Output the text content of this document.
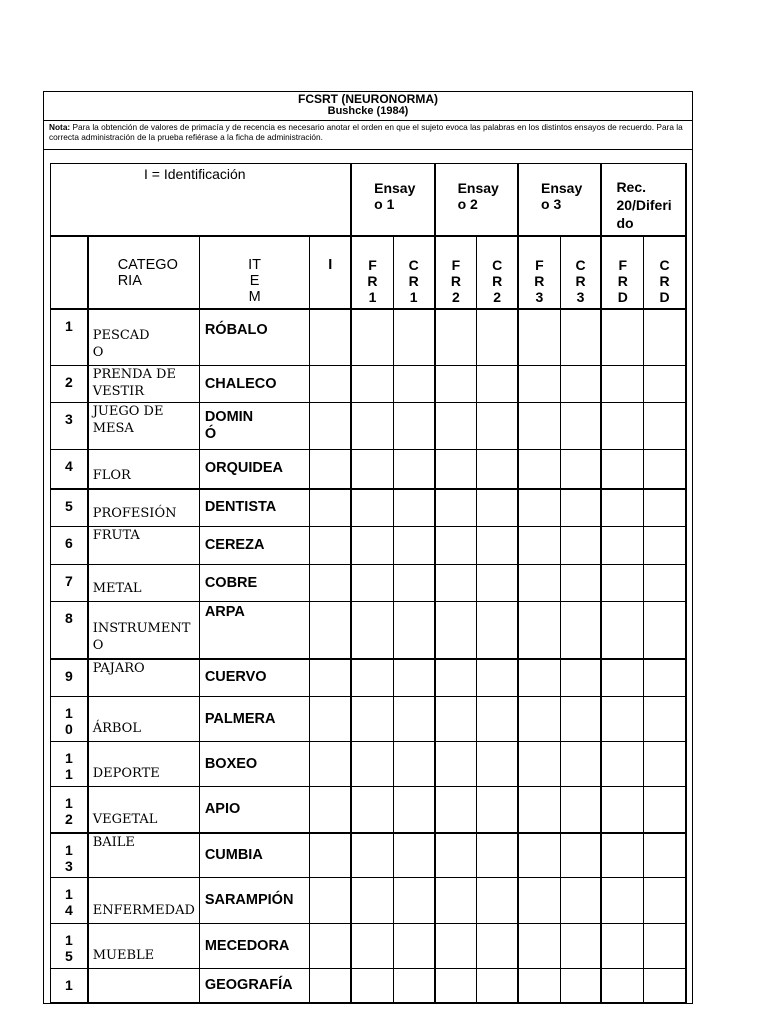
FCSRT (NEURONORMA)
Bushcke (1984)
Nota: Para la obtención de valores de primacía y de recencia es necesario anotar el orden en que el sujeto evoca las palabras en los distintos ensayos de recuerdo. Para la correcta administración de la prueba refiérase a la ficha de administración.
I = Identificación				Ensay
o 1		Ensay
o 2		Ensay
o 3		Rec.
20/Diferi
do	
	CATEGO
RIA	IT
E
M	I	F
R
1	C
R
1	F
R
2	C
R
2	F
R
3	C
R
3	F
R
D	C
R
D
1	PESCAD
O	RÓBALO									
2	PRENDA DE
VESTIR	CHALECO									
3	JUEGO DE
MESA	DOMIN
Ó									
4	FLOR	ORQUIDEA									
5	PROFESIÓN	DENTISTA									
6	FRUTA	CEREZA									
7	METAL	COBRE									
8	INSTRUMENT
O	ARPA									
9	PAJARO	CUERVO									
1
0	ÁRBOL	PALMERA									
1
1	DEPORTE	BOXEO									
1
2	VEGETAL	APIO									
1
3	BAILE	CUMBIA									
1
4	ENFERMEDAD	SARAMPIÓN									
1
5	MUEBLE	MECEDORA									
1		GEOGRAFÍA									
